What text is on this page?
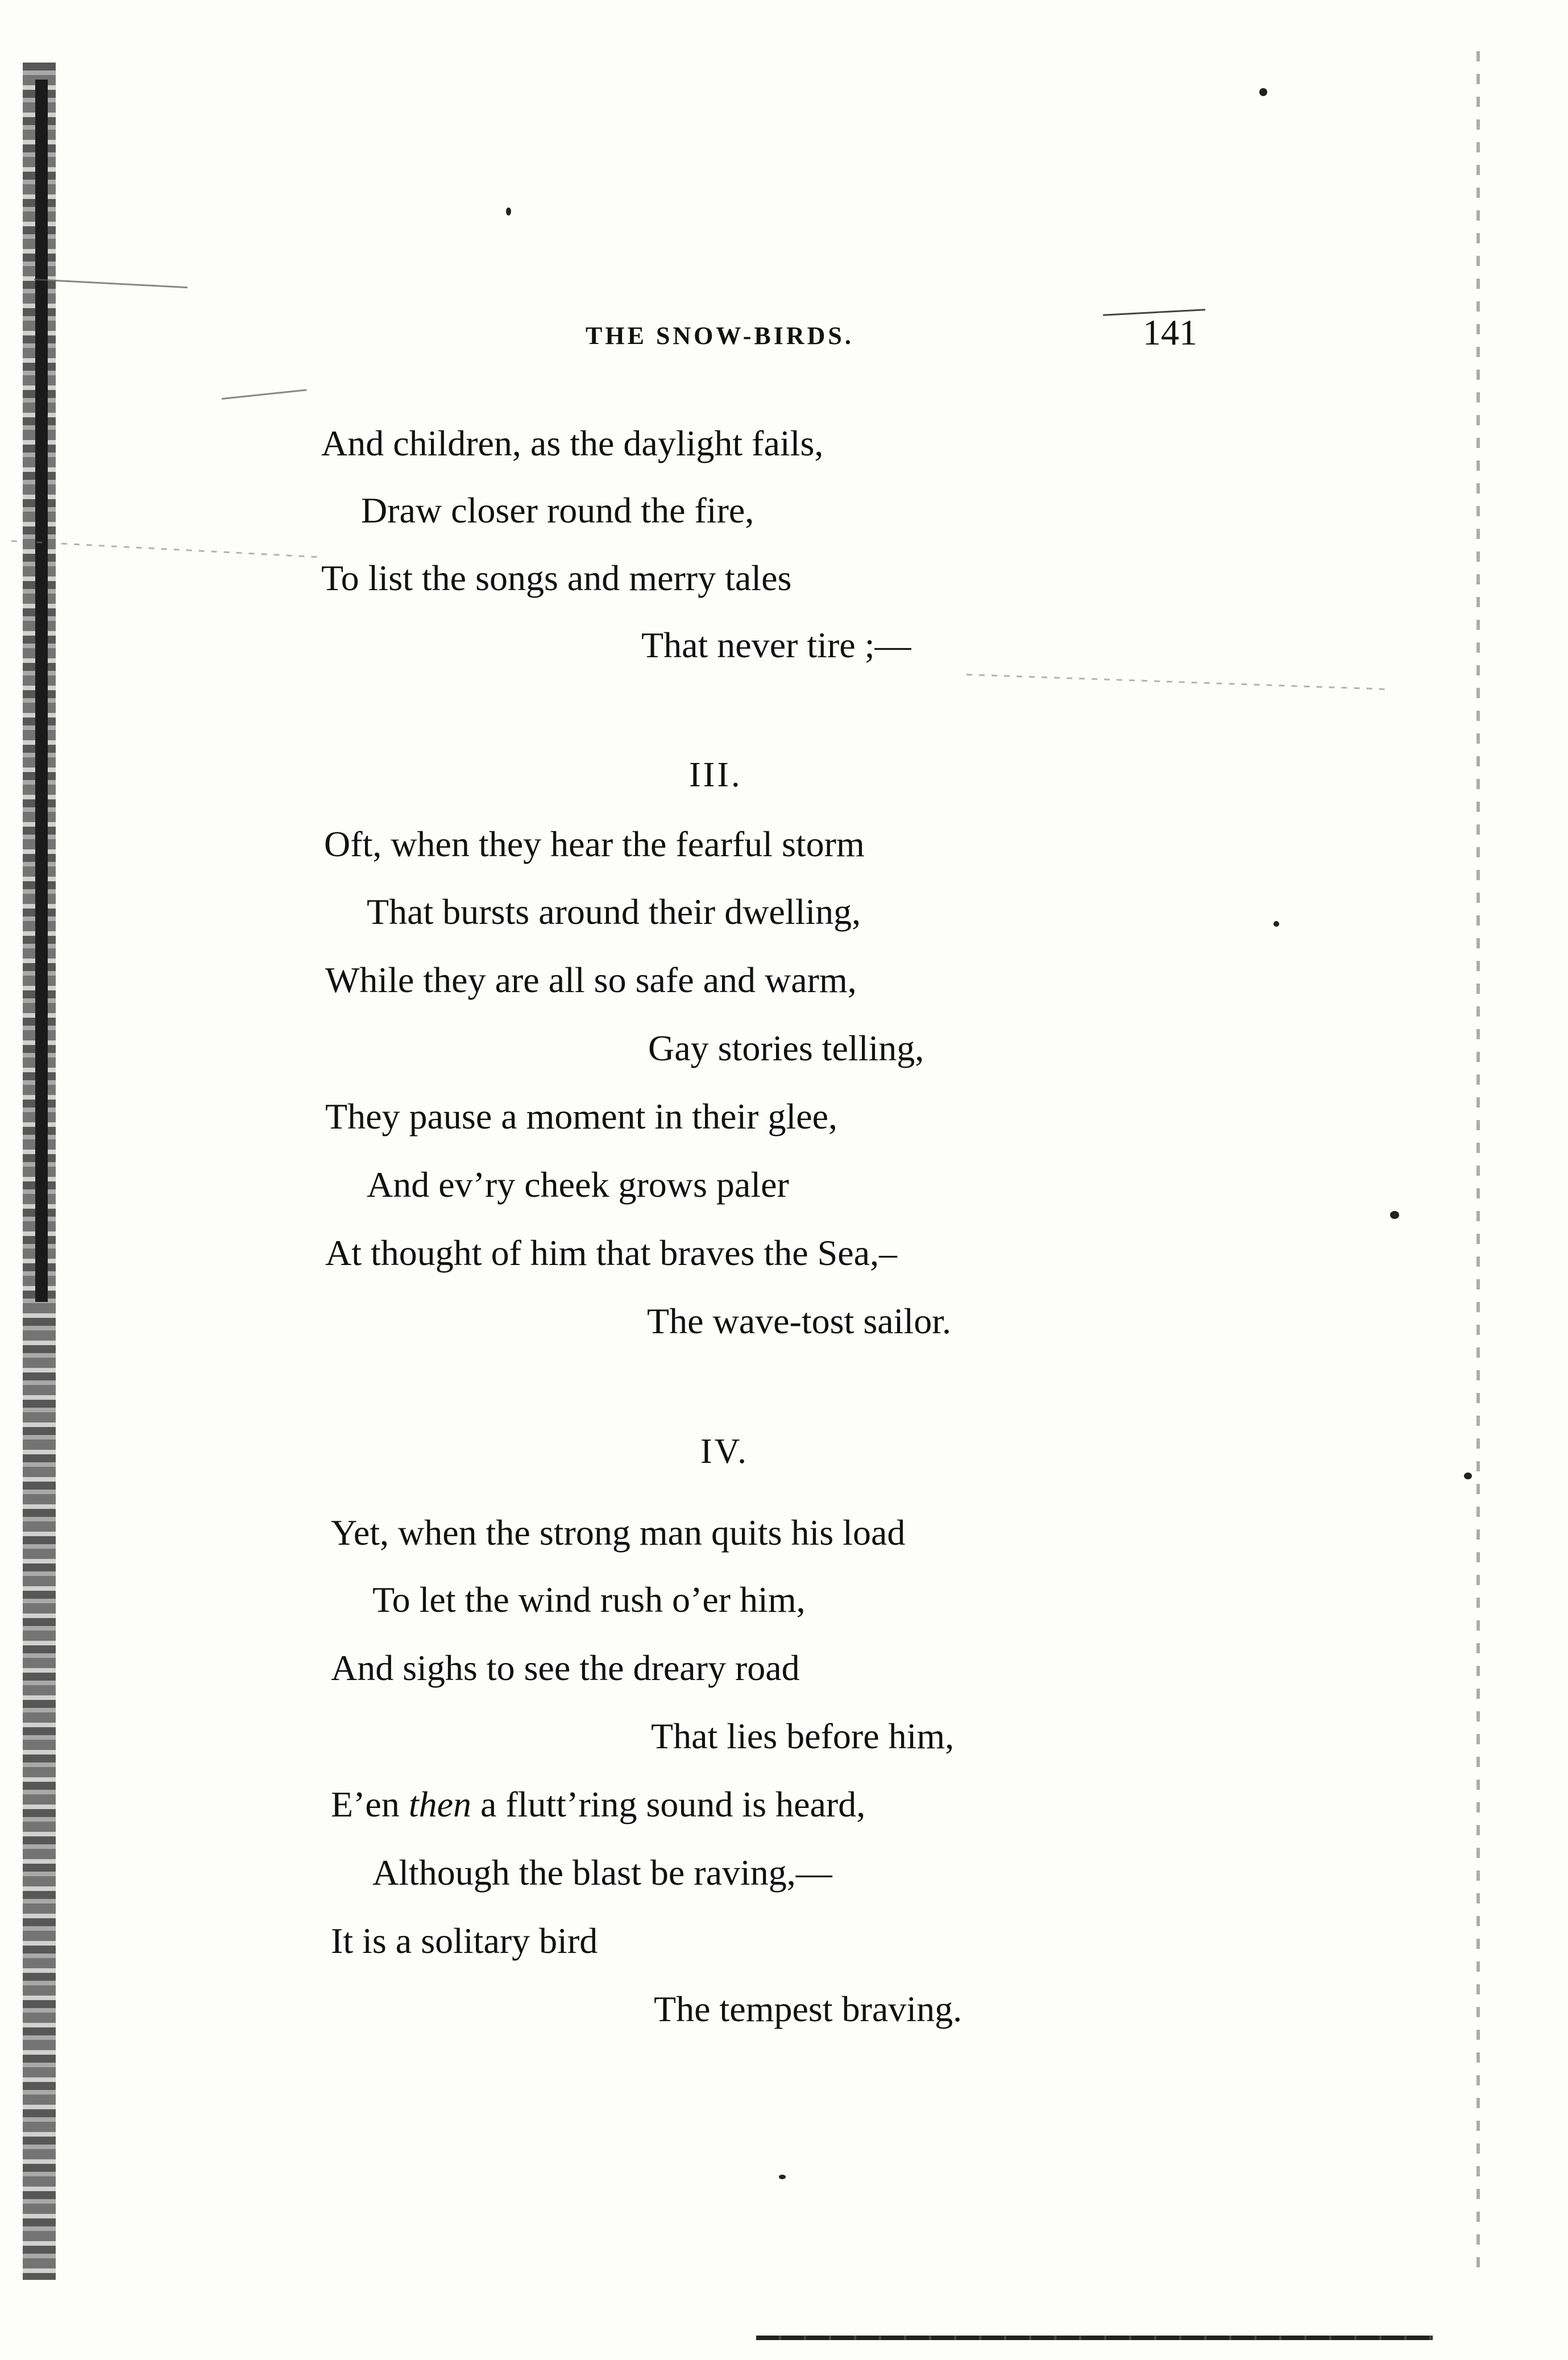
THE SNOW-BIRDS.	141
And children, as the daylight fails,
Draw closer round the fire,
To list the songs and merry tales
That never tire ;—
III.
Oft, when they hear the fearful storm
That bursts around their dwelling,
While they are all so safe and warm,
Gay stories telling,
They pause a moment in their glee,
And ev’ry cheek grows paler
At thought of him that braves the Sea,–
The wave-tost sailor.
IV.
Yet, when the strong man quits his load
To let the wind rush o’er him,
And sighs to see the dreary road
That lies before him,
E’en then a flutt’ring sound is heard,
Although the blast be raving,—
It is a solitary bird
The tempest braving.
